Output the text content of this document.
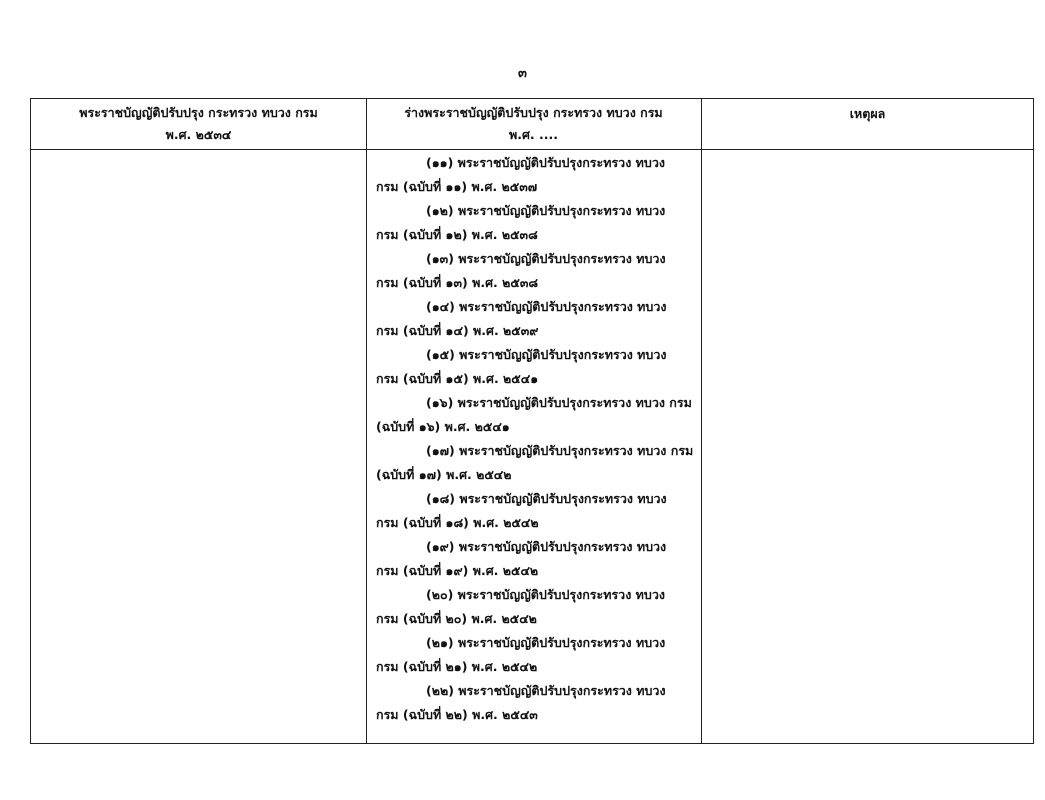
๓
พระราชบัญญัติปรับปรุง กระทรวง ทบวง กรม
พ.ศ. ๒๕๓๔
ร่างพระราชบัญญัติปรับปรุง กระทรวง ทบวง กรม
พ.ศ. ....
เหตุผล
(๑๑) พระราชบัญญัติปรับปรุงกระทรวง ทบวง
กรม (ฉบับที่ ๑๑) พ.ศ. ๒๕๓๗
(๑๒) พระราชบัญญัติปรับปรุงกระทรวง ทบวง
กรม (ฉบับที่ ๑๒) พ.ศ. ๒๕๓๘
(๑๓) พระราชบัญญัติปรับปรุงกระทรวง ทบวง
กรม (ฉบับที่ ๑๓) พ.ศ. ๒๕๓๘
(๑๔) พระราชบัญญัติปรับปรุงกระทรวง ทบวง
กรม (ฉบับที่ ๑๔) พ.ศ. ๒๕๓๙
(๑๕) พระราชบัญญัติปรับปรุงกระทรวง ทบวง
กรม (ฉบับที่ ๑๕) พ.ศ. ๒๕๔๑
(๑๖) พระราชบัญญัติปรับปรุงกระทรวง ทบวง กรม
(ฉบับที่ ๑๖) พ.ศ. ๒๕๔๑
(๑๗) พระราชบัญญัติปรับปรุงกระทรวง ทบวง กรม
(ฉบับที่ ๑๗) พ.ศ. ๒๕๔๒
(๑๘) พระราชบัญญัติปรับปรุงกระทรวง ทบวง
กรม (ฉบับที่ ๑๘) พ.ศ. ๒๕๔๒
(๑๙) พระราชบัญญัติปรับปรุงกระทรวง ทบวง
กรม (ฉบับที่ ๑๙) พ.ศ. ๒๕๔๒
(๒๐) พระราชบัญญัติปรับปรุงกระทรวง ทบวง
กรม (ฉบับที่ ๒๐) พ.ศ. ๒๕๔๒
(๒๑) พระราชบัญญัติปรับปรุงกระทรวง ทบวง
กรม (ฉบับที่ ๒๑) พ.ศ. ๒๕๔๒
(๒๒) พระราชบัญญัติปรับปรุงกระทรวง ทบวง
กรม (ฉบับที่ ๒๒) พ.ศ. ๒๕๔๓
